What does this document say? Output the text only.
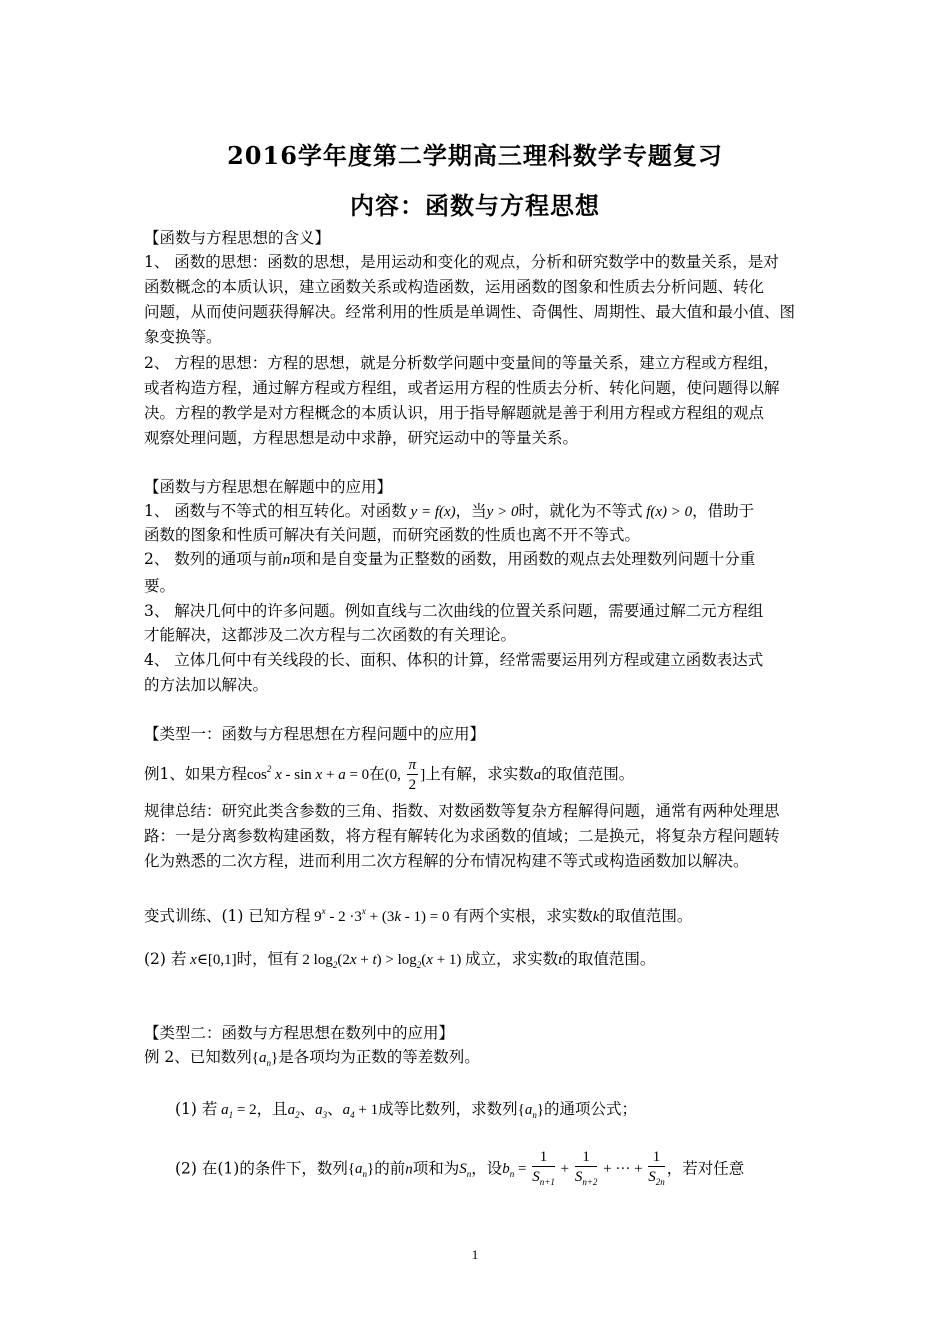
2016学年度第二学期高三理科数学专题复习
内容：函数与方程思想
【函数与方程思想的含义】
1、 函数的思想：函数的思想，是用运动和变化的观点，分析和研究数学中的数量关系，是对
函数概念的本质认识，建立函数关系或构造函数，运用函数的图象和性质去分析问题、转化
问题，从而使问题获得解决。经常利用的性质是单调性、奇偶性、周期性、最大值和最小值、图
象变换等。
2、 方程的思想：方程的思想，就是分析数学问题中变量间的等量关系，建立方程或方程组，
或者构造方程，通过解方程或方程组，或者运用方程的性质去分析、转化问题，使问题得以解
决。方程的教学是对方程概念的本质认识，用于指导解题就是善于利用方程或方程组的观点
观察处理问题，方程思想是动中求静，研究运动中的等量关系。
【函数与方程思想在解题中的应用】
1、 函数与不等式的相互转化。对函数 y = f(x)，当y > 0时，就化为不等式 f(x) > 0，借助于
函数的图象和性质可解决有关问题，而研究函数的性质也离不开不等式。
2、 数列的通项与前n项和是自变量为正整数的函数，用函数的观点去处理数列问题十分重
要。
3、 解决几何中的许多问题。例如直线与二次曲线的位置关系问题，需要通过解二元方程组
才能解决，这都涉及二次方程与二次函数的有关理论。
4、 立体几何中有关线段的长、面积、体积的计算，经常需要运用列方程或建立函数表达式
的方法加以解决。
【类型一：函数与方程思想在方程问题中的应用】
例1、如果方程$\cos^2 x - \sin x + a = 0$在(0, $\frac{\pi}{2}$ ]上有解，求实数a的取值范围。
规律总结：研究此类含参数的三角、指数、对数函数等复杂方程解得问题，通常有两种处理思
路：一是分离参数构建函数，将方程有解转化为求函数的值域；二是换元，将复杂方程问题转
化为熟悉的二次方程，进而利用二次方程解的分布情况构建不等式或构造函数加以解决。
变式训练、(1) 已知方程 $9^x - 2 \cdot 3^x + (3k - 1) = 0$ 有两个实根，求实数k的取值范围。
(2) 若 x∈[0,1]时，恒有 2 $\log_2(2x + t) > \log_2(x + 1)$ 成立，求实数t的取值范围。
【类型二：函数与方程思想在数列中的应用】
例 2、已知数列$\{a_n\}$是各项均为正数的等差数列。
(1) 若 $a_1 = 2$，且$a_2$、$a_3$、$a_4 + 1$成等比数列，求数列$\{a_n\}$的通项公式；
(2) 在(1)的条件下，数列$\{a_n\}$的前n项和为$S_n$，设$b_n = \frac{1}{S_{n+1}} + \frac{1}{S_{n+2}}$ + ··· + $\frac{1}{S_{2n}}$ ，若对任意
1
